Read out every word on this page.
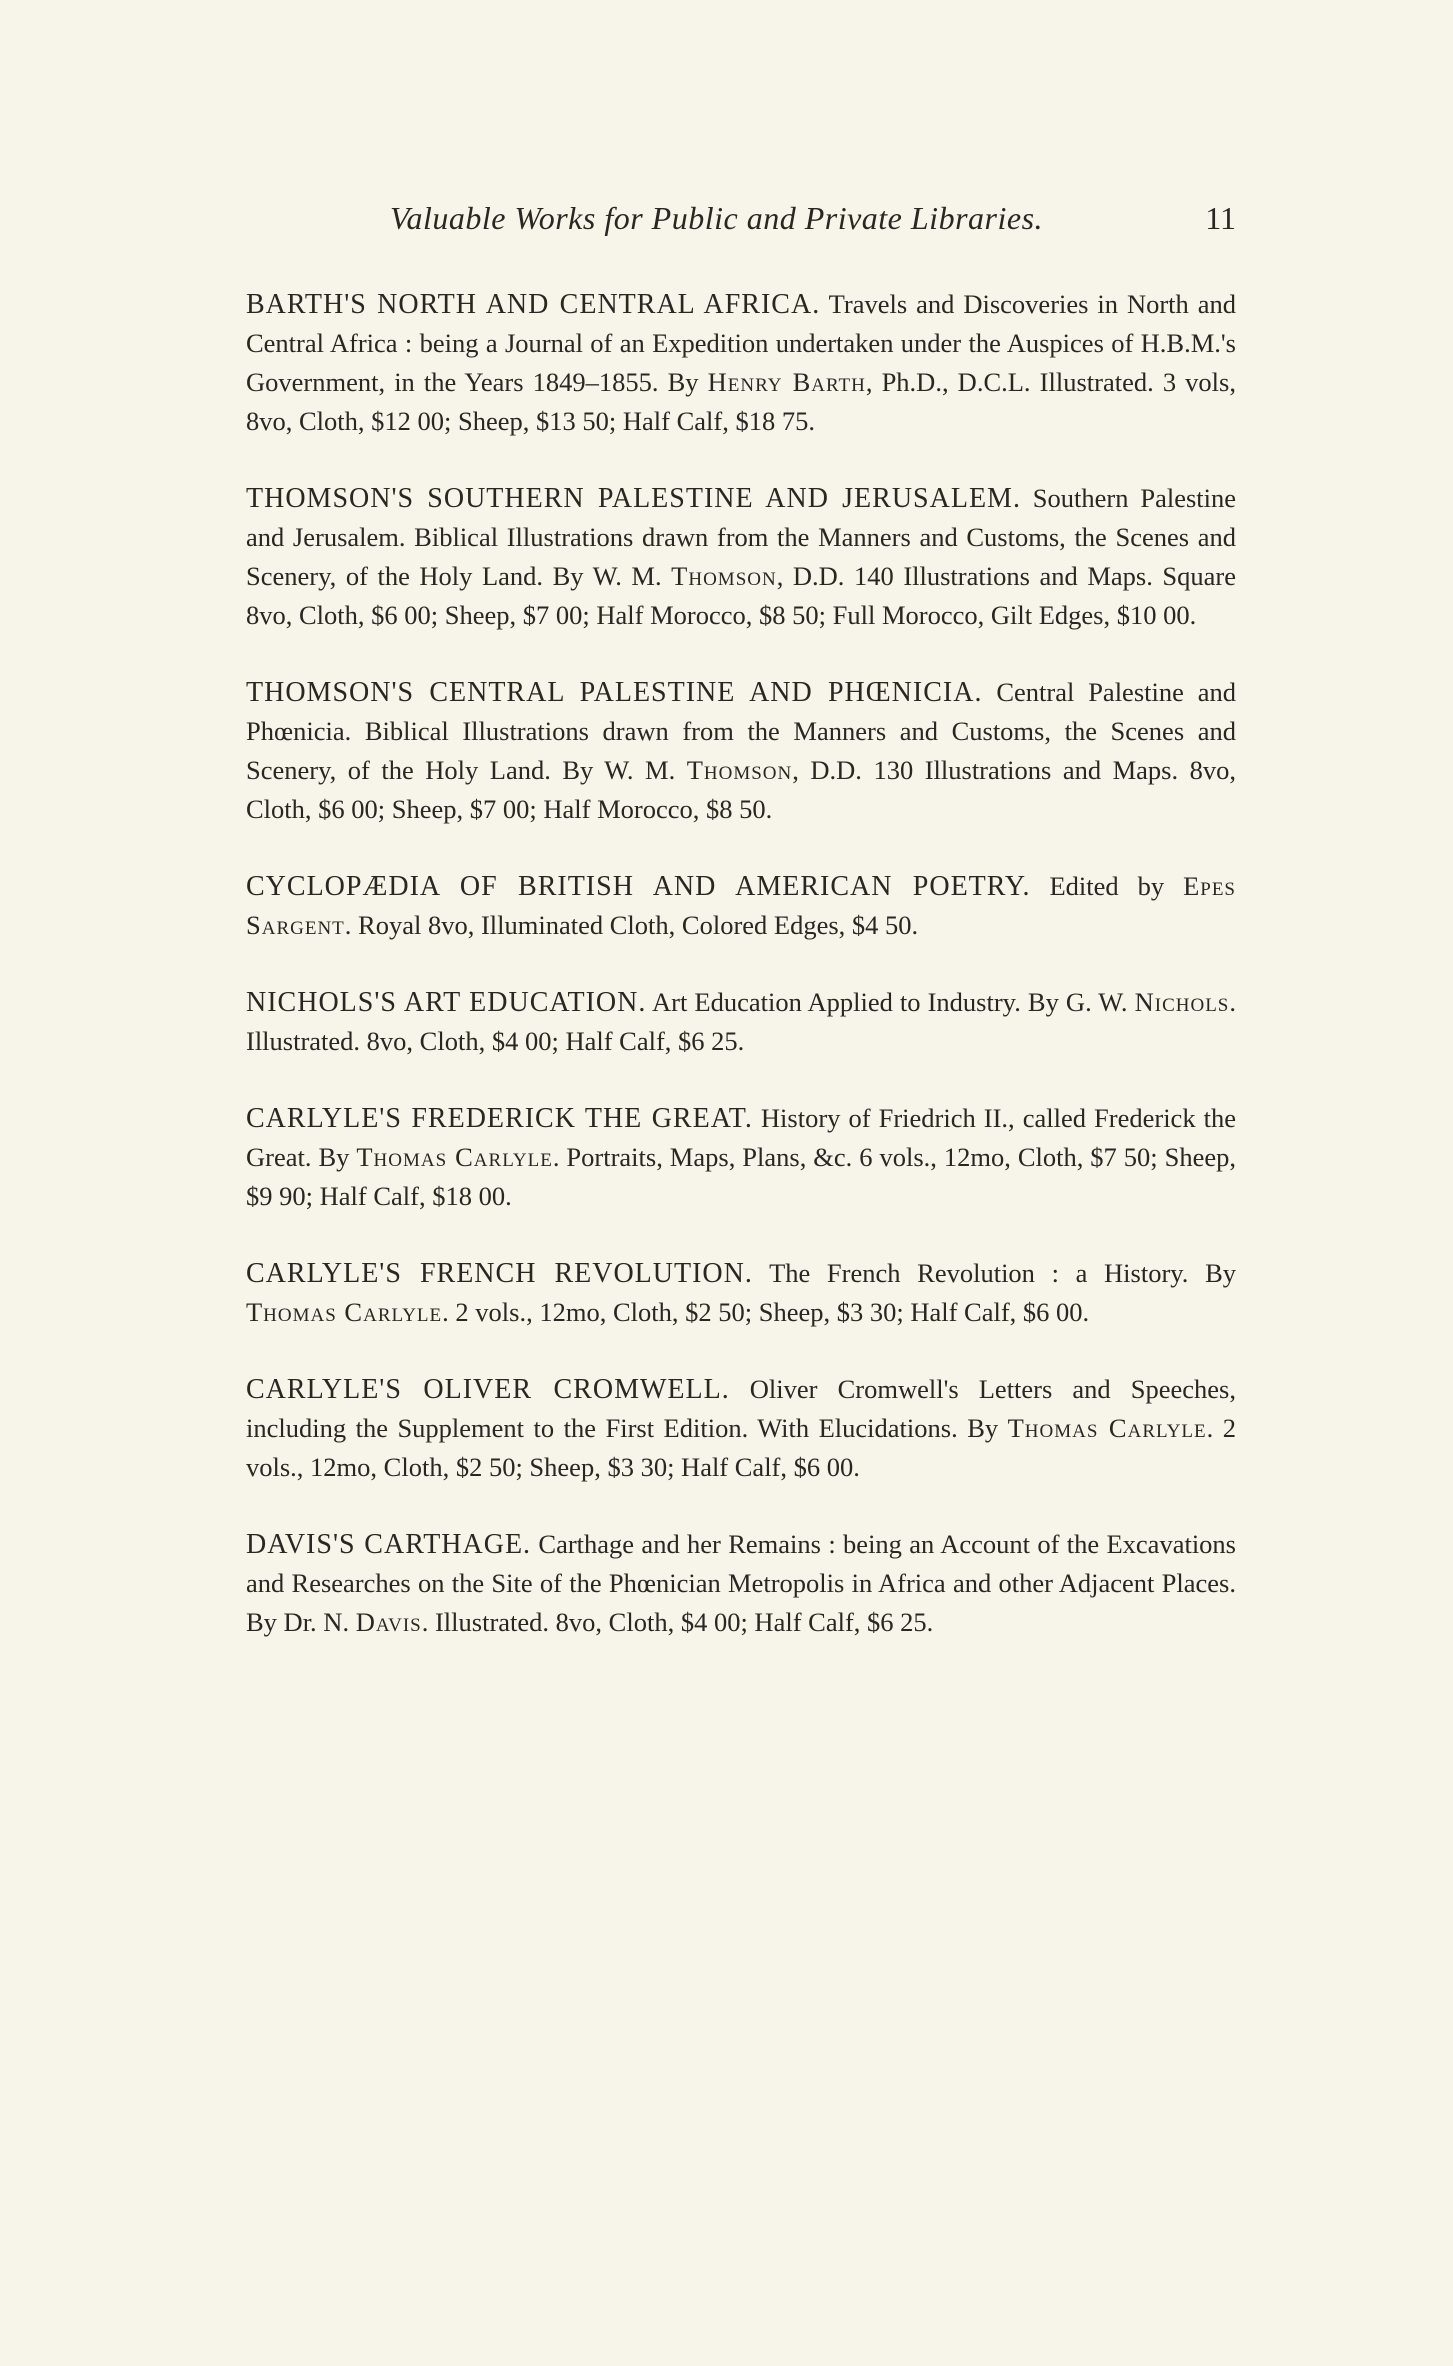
Valuable Works for Public and Private Libraries.	11

BARTH'S NORTH AND CENTRAL AFRICA. Travels and Discoveries in North and Central Africa : being a Journal of an Expedition undertaken under the Auspices of H.B.M.'s Government, in the Years 1849–1855. By Henry Barth, Ph.D., D.C.L. Illustrated. 3 vols, 8vo, Cloth, $12 00; Sheep, $13 50; Half Calf, $18 75.

THOMSON'S SOUTHERN PALESTINE AND JERUSALEM. Southern Palestine and Jerusalem. Biblical Illustrations drawn from the Manners and Customs, the Scenes and Scenery, of the Holy Land. By W. M. Thomson, D.D. 140 Illustrations and Maps. Square 8vo, Cloth, $6 00; Sheep, $7 00; Half Morocco, $8 50; Full Morocco, Gilt Edges, $10 00.

THOMSON'S CENTRAL PALESTINE AND PHŒNICIA. Central Palestine and Phœnicia. Biblical Illustrations drawn from the Manners and Customs, the Scenes and Scenery, of the Holy Land. By W. M. Thomson, D.D. 130 Illustrations and Maps. 8vo, Cloth, $6 00; Sheep, $7 00; Half Morocco, $8 50.

CYCLOPÆDIA OF BRITISH AND AMERICAN POETRY. Edited by Epes Sargent. Royal 8vo, Illuminated Cloth, Colored Edges, $4 50.

NICHOLS'S ART EDUCATION. Art Education Applied to Industry. By G. W. Nichols. Illustrated. 8vo, Cloth, $4 00; Half Calf, $6 25.

CARLYLE'S FREDERICK THE GREAT. History of Friedrich II., called Frederick the Great. By Thomas Carlyle. Portraits, Maps, Plans, &c. 6 vols., 12mo, Cloth, $7 50; Sheep, $9 90; Half Calf, $18 00.

CARLYLE'S FRENCH REVOLUTION. The French Revolution : a History. By Thomas Carlyle. 2 vols., 12mo, Cloth, $2 50; Sheep, $3 30; Half Calf, $6 00.

CARLYLE'S OLIVER CROMWELL. Oliver Cromwell's Letters and Speeches, including the Supplement to the First Edition. With Elucidations. By Thomas Carlyle. 2 vols., 12mo, Cloth, $2 50; Sheep, $3 30; Half Calf, $6 00.

DAVIS'S CARTHAGE. Carthage and her Remains : being an Account of the Excavations and Researches on the Site of the Phœnician Metropolis in Africa and other Adjacent Places. By Dr. N. Davis. Illustrated. 8vo, Cloth, $4 00; Half Calf, $6 25.
